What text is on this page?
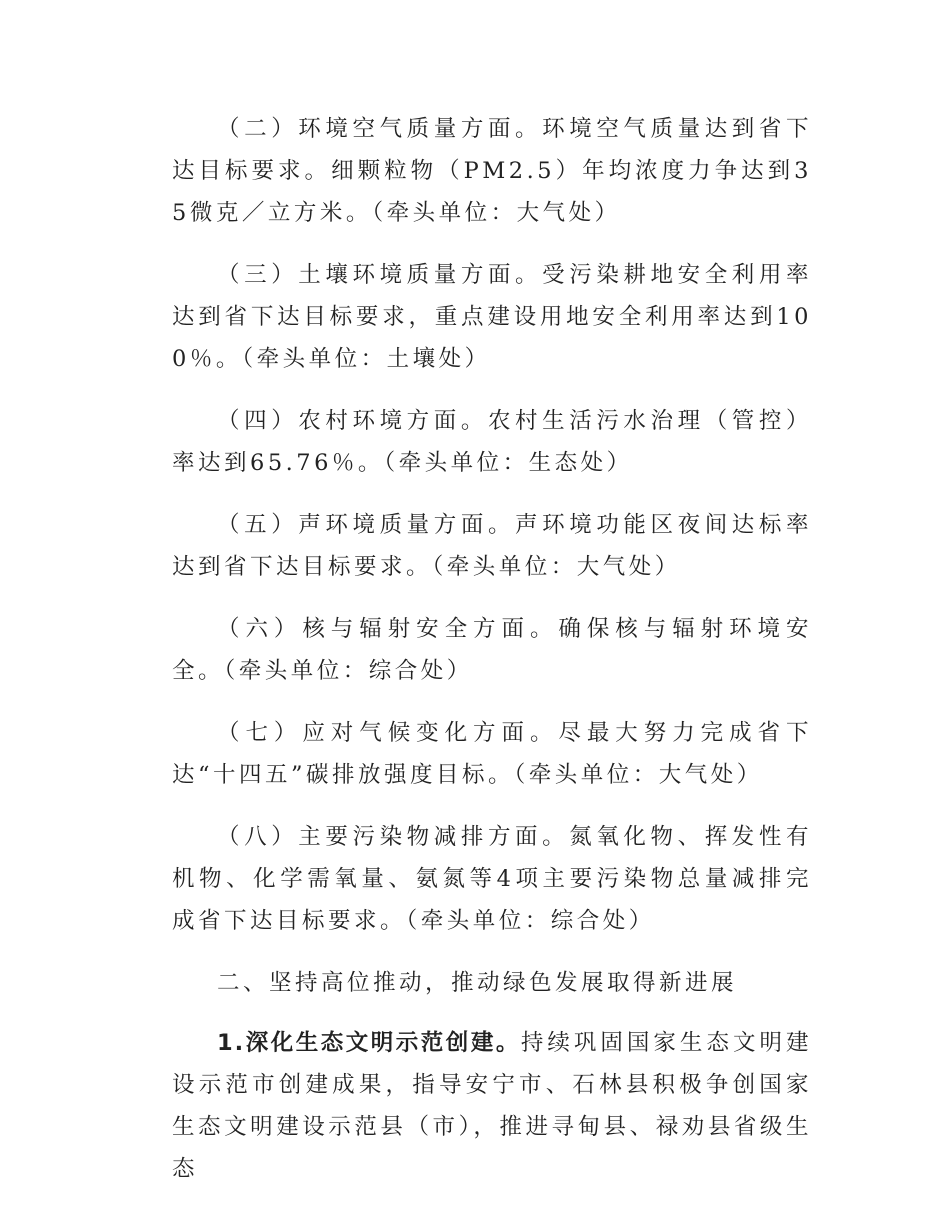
（二）环境空气质量方面。环境空气质量达到省下达目标要求。细颗粒物（PM2.5）年均浓度力争达到35微克／立方米。（牵头单位：大气处）

（三）土壤环境质量方面。受污染耕地安全利用率达到省下达目标要求，重点建设用地安全利用率达到100％。（牵头单位：土壤处）

（四）农村环境方面。农村生活污水治理（管控）率达到65.76％。（牵头单位：生态处）

（五）声环境质量方面。声环境功能区夜间达标率达到省下达目标要求。（牵头单位：大气处）

（六）核与辐射安全方面。确保核与辐射环境安全。（牵头单位：综合处）

（七）应对气候变化方面。尽最大努力完成省下达“十四五”碳排放强度目标。（牵头单位：大气处）

（八）主要污染物减排方面。氮氧化物、挥发性有机物、化学需氧量、氨氮等4项主要污染物总量减排完成省下达目标要求。（牵头单位：综合处）

二、坚持高位推动，推动绿色发展取得新进展

1.深化生态文明示范创建。持续巩固国家生态文明建设示范市创建成果，指导安宁市、石林县积极争创国家生态文明建设示范县（市），推进寻甸县、禄劝县省级生态
